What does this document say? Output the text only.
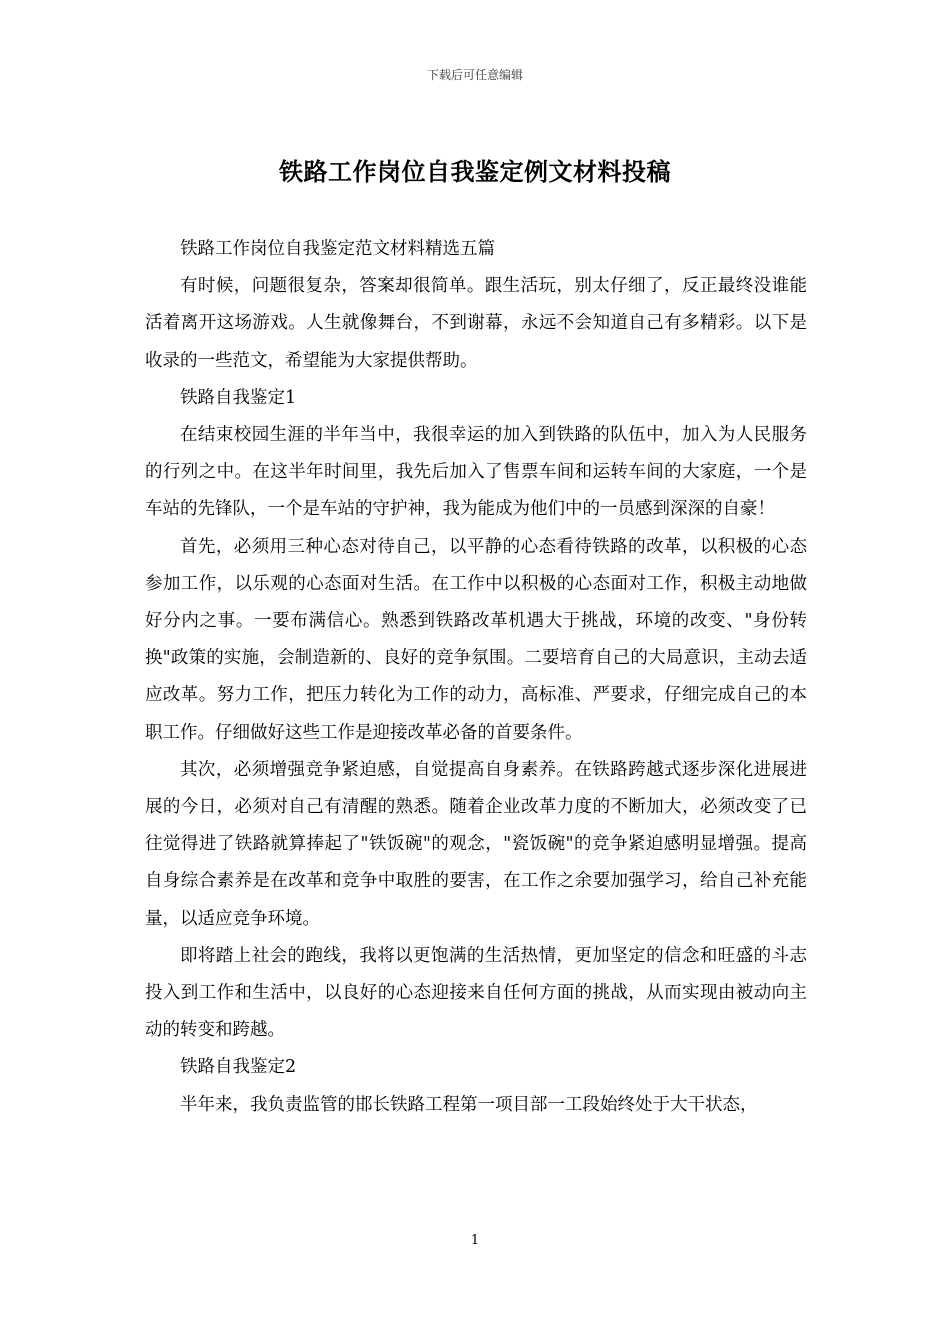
下载后可任意编辑
铁路工作岗位自我鉴定例文材料投稿

铁路工作岗位自我鉴定范文材料精选五篇

有时候，问题很复杂，答案却很简单。跟生活玩，别太仔细了，反正最终没谁能活着离开这场游戏。人生就像舞台，不到谢幕，永远不会知道自己有多精彩。以下是收录的一些范文，希望能为大家提供帮助。

铁路自我鉴定1

在结束校园生涯的半年当中，我很幸运的加入到铁路的队伍中，加入为人民服务的行列之中。在这半年时间里，我先后加入了售票车间和运转车间的大家庭，一个是车站的先锋队，一个是车站的守护神，我为能成为他们中的一员感到深深的自豪！

首先，必须用三种心态对待自己，以平静的心态看待铁路的改革，以积极的心态参加工作，以乐观的心态面对生活。在工作中以积极的心态面对工作，积极主动地做好分内之事。一要布满信心。熟悉到铁路改革机遇大于挑战，环境的改变、"身份转换"政策的实施，会制造新的、良好的竞争氛围。二要培育自己的大局意识，主动去适应改革。努力工作，把压力转化为工作的动力，高标准、严要求，仔细完成自己的本职工作。仔细做好这些工作是迎接改革必备的首要条件。

其次，必须增强竞争紧迫感，自觉提高自身素养。在铁路跨越式逐步深化进展进展的今日，必须对自己有清醒的熟悉。随着企业改革力度的不断加大，必须改变了已往觉得进了铁路就算捧起了"铁饭碗"的观念，"瓷饭碗"的竞争紧迫感明显增强。提高自身综合素养是在改革和竞争中取胜的要害，在工作之余要加强学习，给自己补充能量，以适应竞争环境。

即将踏上社会的跑线，我将以更饱满的生活热情，更加坚定的信念和旺盛的斗志投入到工作和生活中，以良好的心态迎接来自任何方面的挑战，从而实现由被动向主动的转变和跨越。

铁路自我鉴定2

半年来，我负责监管的邯长铁路工程第一项目部一工段始终处于大干状态，

1
